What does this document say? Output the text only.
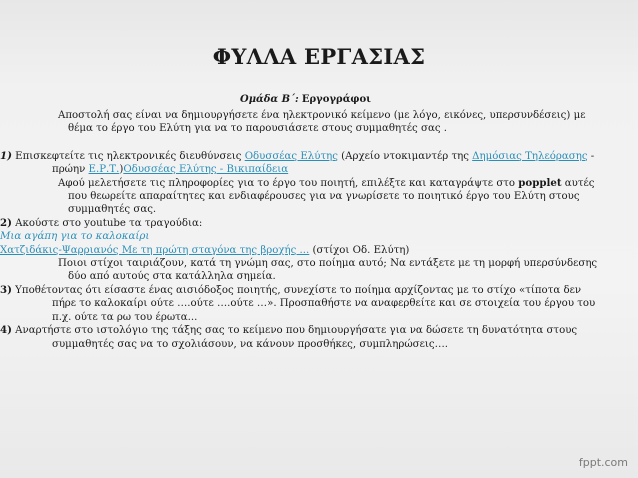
ΦΥΛΛΑ ΕΡΓΑΣΙΑΣ
Ομάδα Β΄: Εργογράφοι

Αποστολή σας είναι να δημιουργήσετε ένα ηλεκτρονικό κείμενο (με λόγο, εικόνες, υπερσυνδέσεις) με θέμα το έργο του Ελύτη για να το παρουσιάσετε στους συμμαθητές σας .

1) Επισκεφτείτε τις ηλεκτρονικές διευθύνσεις Οδυσσέας Ελύτης (Αρχείο ντοκιμαντέρ της Δημόσιας Τηλεόρασης - πρώην Ε.Ρ.Τ.)Οδυσσέας Ελύτης - Βικιπαίδεια

Αφού μελετήσετε τις πληροφορίες για το έργο του ποιητή, επιλέξτε και καταγράψτε στο popplet αυτές που θεωρείτε απαραίτητες και ενδιαφέρουσες για να γνωρίσετε το ποιητικό έργο του Ελύτη στους συμμαθητές σας.

2) Ακούστε στο youtube τα τραγούδια:

Μια αγάπη για το καλοκαίρι

Χατζιδάκις-Ψαρριανός Με τη πρώτη σταγόνα της βροχής ... (στίχοι Οδ. Ελύτη)

Ποιοι στίχοι ταιριάζουν, κατά τη γνώμη σας, στο ποίημα αυτό; Να εντάξετε με τη μορφή υπερσύνδεσης δύο από αυτούς στα κατάλληλα σημεία.

3) Υποθέτοντας ότι είσαστε ένας αισιόδοξος ποιητής, συνεχίστε το ποίημα αρχίζοντας με το στίχο «τίποτα δεν πήρε το καλοκαίρι ούτε ….ούτε ….ούτε …». Προσπαθήστε να αναφερθείτε και σε στοιχεία του έργου του π.χ. ούτε τα ρω του έρωτα...

4) Αναρτήστε στο ιστολόγιο της τάξης σας το κείμενο που δημιουργήσατε για να δώσετε τη δυνατότητα στους συμμαθητές σας να το σχολιάσουν, να κάνουν προσθήκες, συμπληρώσεις….

fppt.com
